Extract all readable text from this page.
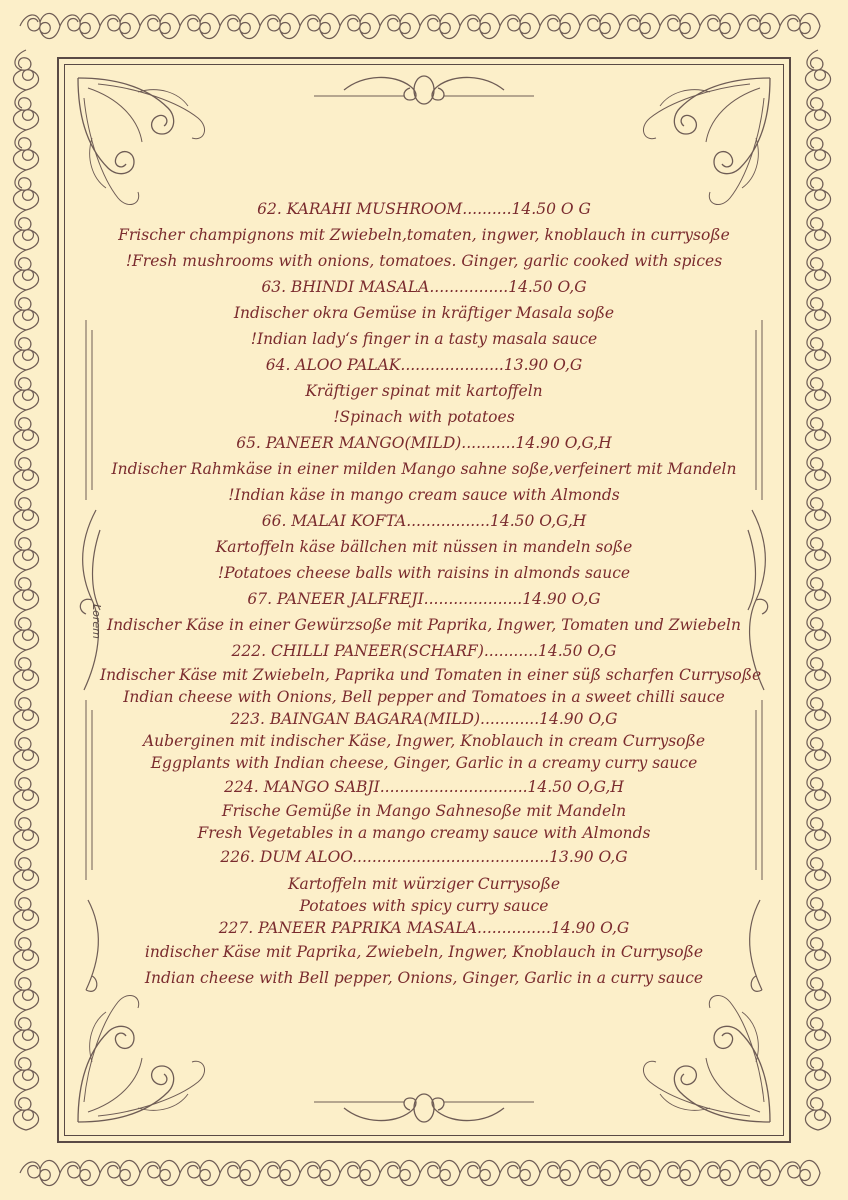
Lorem
62. KARAHI MUSHROOM..........14.50 O G
Frischer champignons mit Zwiebeln,tomaten, ingwer, knoblauch in currysoße
!Fresh mushrooms with onions, tomatoes. Ginger, garlic cooked with spices
63. BHINDI MASALA................14.50 O,G
Indischer okra Gemüse in kräftiger Masala soße
!Indian lady‘s finger in a tasty masala sauce
64. ALOO PALAK.....................13.90 O,G
Kräftiger spinat mit kartoffeln
!Spinach with potatoes
65. PANEER MANGO(MILD)...........14.90 O,G,H
Indischer Rahmkäse in einer milden Mango sahne soße,verfeinert mit Mandeln
!Indian käse in mango cream sauce with Almonds
66. MALAI KOFTA.................14.50 O,G,H
Kartoffeln käse bällchen mit nüssen in mandeln soße
!Potatoes cheese balls with raisins in almonds sauce
67. PANEER JALFREJI....................14.90 O,G
Indischer Käse in einer Gewürzsoße mit Paprika, Ingwer, Tomaten und Zwiebeln
222. CHILLI PANEER(SCHARF)...........14.50 O,G
Indischer Käse mit Zwiebeln, Paprika und Tomaten in einer süß scharfen Currysoße
Indian cheese with Onions, Bell pepper and Tomatoes in a sweet chilli sauce
223. BAINGAN BAGARA(MILD)............14.90 O,G
Auberginen mit indischer Käse, Ingwer, Knoblauch in cream Currysoße
Eggplants with Indian cheese, Ginger, Garlic in a creamy curry sauce
224. MANGO SABJI..............................14.50 O,G,H
Frische Gemüße in Mango Sahnesoße mit Mandeln
Fresh Vegetables in a mango creamy sauce with Almonds
226. DUM ALOO........................................13.90 O,G
Kartoffeln mit würziger Currysoße
Potatoes with spicy curry sauce
227. PANEER PAPRIKA MASALA...............14.90 O,G
indischer Käse mit Paprika, Zwiebeln, Ingwer, Knoblauch in Currysoße
Indian cheese with Bell pepper, Onions, Ginger, Garlic in a curry sauce
